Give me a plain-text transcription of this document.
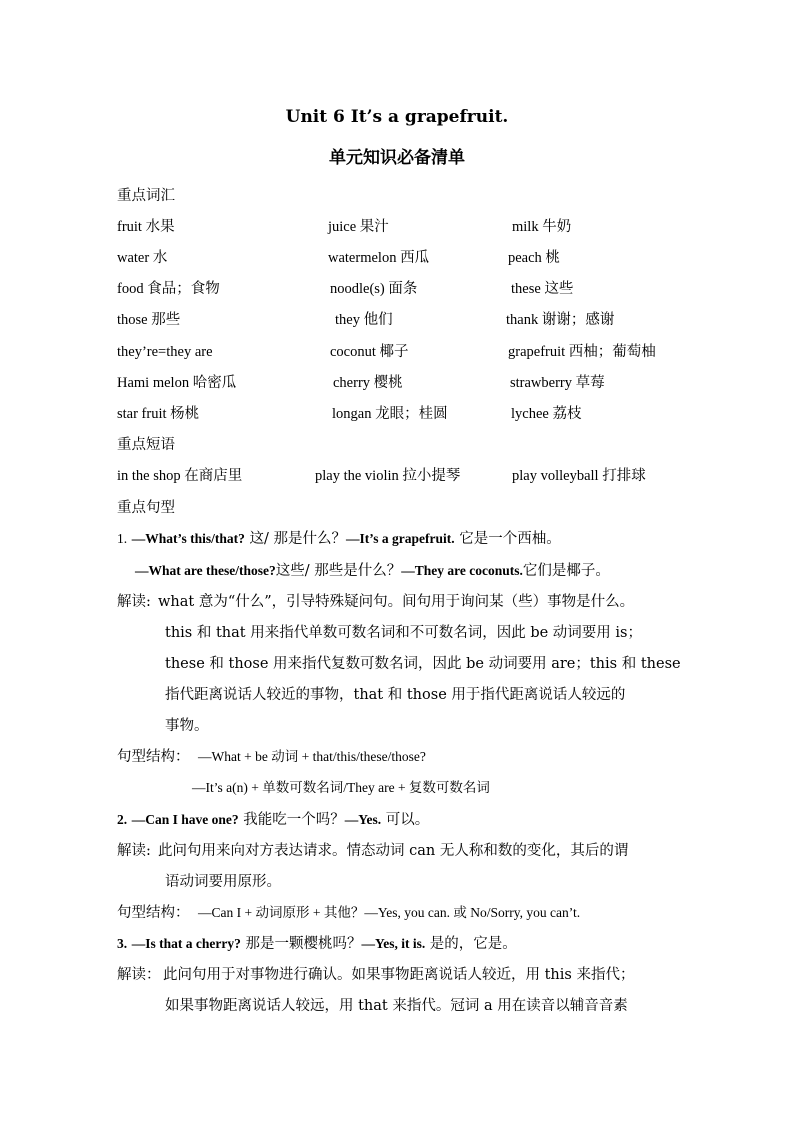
Unit 6 It’s a grapefruit.
单元知识必备清单
重点词汇
fruit 水果	juice 果汁	milk 牛奶
water 水	watermelon 西瓜	peach 桃
food 食品；食物	noodle(s) 面条	these 这些
those 那些	they 他们	thank 谢谢；感谢
they’re=they are	coconut 椰子	grapefruit 西柚；葡萄柚
Hami melon 哈密瓜	cherry 樱桃	strawberry 草莓
star fruit 杨桃	longan 龙眼；桂圆	lychee 荔枝
重点短语
in the shop 在商店里	play the violin 拉小提琴	play volleyball 打排球
重点句型
1. —What’s this/that? 这/ 那是什么？—It’s a grapefruit. 它是一个西柚。
—What are these/those?这些/ 那些是什么？—They are coconuts.它们是椰子。
解读: what 意为“什么”，引导特殊疑问句。间句用于询问某（些）事物是什么。
this 和 that 用来指代单数可数名词和不可数名词，因此 be 动词要用 is；
these 和 those 用来指代复数可数名词，因此 be 动词要用 are；this 和 these
指代距离说话人较近的事物，that 和 those 用于指代距离说话人较远的
事物。
句型结构： —What + be 动词 + that/this/these/those?
—It’s a(n) + 单数可数名词/They are + 复数可数名词
2. —Can I have one? 我能吃一个吗？—Yes. 可以。
解读: 此问句用来向对方表达请求。情态动词 can 无人称和数的变化，其后的谓
语动词要用原形。
句型结构： —Can I + 动词原形 + 其他？—Yes, you can. 或 No/Sorry, you can’t.
3. —Is that a cherry? 那是一颗樱桃吗？—Yes, it is. 是的，它是。
解读： 此问句用于对事物进行确认。如果事物距离说话人较近，用 this 来指代；
如果事物距离说话人较远，用 that 来指代。冠词 a 用在读音以辅音音素
